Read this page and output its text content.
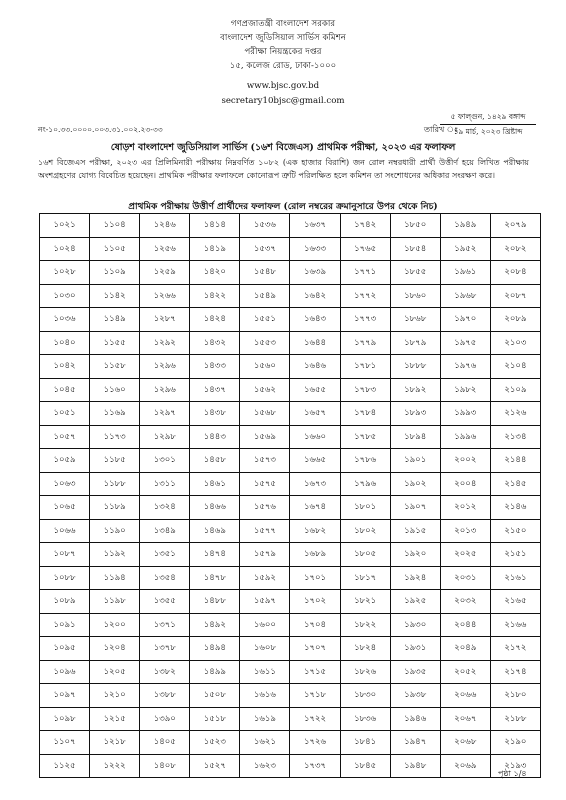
গণপ্রজাতন্ত্রী বাংলাদেশ সরকার
বাংলাদেশ জুডিসিয়াল সার্ভিস কমিশন
পরীক্ষা নিয়ন্ত্রকের দপ্তর
১৫, কলেজ রোড, ঢাকা-১০০০
www.bjsc.gov.bd
secretary10bjsc@gmail.com
নং-১০.৩৩.০০০০.০০৩.৩১.০০২.২৩-৩৩	তারিখ ঃ
৫ ফাল্গুন, ১৪২৯ বঙ্গাব্দ
১৯ মার্চ, ২০২৩ খ্রিষ্টাব্দ
ষোড়শ বাংলাদেশ জুডিসিয়াল সার্ভিস (১৬শ বিজেএস) প্রাথমিক পরীক্ষা, ২০২৩ এর ফলাফল
১৬শ বিজেএস পরীক্ষা, ২০২৩ এর প্রিলিমিনারী পরীক্ষায় নিম্নবর্ণিত ১০৮২ (এক হাজার বিরাশি) জন রোল নম্বরধারী প্রার্থী উত্তীর্ণ হয়ে লিখিত পরীক্ষায় অংশগ্রহণের যোগ্য বিবেচিত হয়েছেন। প্রাথমিক পরীক্ষার ফলাফলে কোনোরূপ ত্রুটি পরিলক্ষিত হলে কমিশন তা সংশোধনের অধিকার সংরক্ষণ করে।
প্রাথমিক পরীক্ষায় উত্তীর্ণ প্রার্থীদের ফলাফল (রোল নম্বরের ক্রমানুসারে উপর থেকে নিচ)
১০২১	১১০৪	১২৪৬	১৪১৪	১৫৩৬	১৬৩৭	১৭৪২	১৮৫০	১৯৪৯	২০৭৯
১০২৪	১১০৫	১২৫৬	১৪১৯	১৫৩৭	১৬৩৩	১৭৬৫	১৮৫৪	১৯৫২	২০৮২
১০২৮	১১০৯	১২৫৯	১৪২০	১৫৪৮	১৬৩৯	১৭৭১	১৮৫৫	১৯৬১	২০৮৪
১০৩০	১১৪২	১২৬৬	১৪২২	১৫৪৯	১৬৪২	১৭৭২	১৮৬০	১৯৬৮	২০৮৭
১০৩৬	১১৪৯	১২৮৭	১৪২৪	১৫৫১	১৬৪৩	১৭৭৩	১৮৬৮	১৯৭০	২০৮৯
১০৪০	১১৫৫	১২৯২	১৪৩২	১৫৫৩	১৬৪৪	১৭৭৯	১৮৭৯	১৯৭৫	২১০৩
১০৪২	১১৫৮	১২৯৬	১৪৩৩	১৫৬০	১৬৪৬	১৭৮১	১৮৮৮	১৯৭৬	২১০৪
১০৪৫	১১৬০	১২৯৬	১৪৩৭	১৫৬২	১৬৫৫	১৭৮৩	১৮৯২	১৯৮২	২১০৯
১০৫১	১১৬৯	১২৯৭	১৪৩৮	১৫৬৮	১৬৫৭	১৭৮৪	১৮৯৩	১৯৯৩	২১২৬
১০৫৭	১১৭৩	১২৯৮	১৪৪৩	১৫৬৯	১৬৬০	১৭৮৫	১৮৯৪	১৯৯৬	২১৩৪
১০৫৯	১১৮৫	১৩০১	১৪৫৮	১৫৭৩	১৬৬৫	১৭৮৬	১৯০১	২০০২	২১৪৪
১০৬৩	১১৮৮	১৩১১	১৪৬১	১৫৭৫	১৬৭৩	১৭৯৬	১৯০২	২০০৪	২১৪৫
১০৬৫	১১৮৯	১৩২৪	১৪৬৬	১৫৭৬	১৬৭৪	১৮০১	১৯০৭	২০১২	২১৪৬
১০৬৬	১১৯০	১৩৪৯	১৪৬৯	১৫৭৭	১৬৮২	১৮০২	১৯১৫	২০১৩	২১৫০
১০৮৭	১১৯২	১৩৫১	১৪৭৪	১৫৭৯	১৬৮৯	১৮০৫	১৯২০	২০২৫	২১৫১
১০৮৮	১১৯৪	১৩৫৪	১৪৭৮	১৫৯২	১৭০১	১৮১৭	১৯২৪	২০৩১	২১৬১
১০৮৯	১১৯৮	১৩৫৫	১৪৮৮	১৫৯৭	১৭০২	১৮২১	১৯২৫	২০৩২	২১৬৫
১০৯১	১২০০	১৩৭১	১৪৯২	১৬০০	১৭০৪	১৮২২	১৯৩০	২০৪৪	২১৬৬
১০৯৫	১২০৪	১৩৭৮	১৪৯৪	১৬০৮	১৭০৭	১৮২৪	১৯৩১	২০৪৯	২১৭২
১০৯৬	১২০৫	১৩৮২	১৪৯৯	১৬১১	১৭১৫	১৮২৬	১৯৩৫	২০৫২	২১৭৪
১০৯৭	১২১০	১৩৮৮	১৫০৮	১৬১৬	১৭১৮	১৮৩০	১৯৩৮	২০৬৬	২১৮০
১০৯৮	১২১৫	১৩৯০	১৫১৮	১৬১৯	১৭২২	১৮৩৬	১৯৪৬	২০৬৭	২১৮৮
১১০৭	১২১৮	১৪০৫	১৫২৩	১৬২১	১৭২৬	১৮৪১	১৯৪৭	২০৬৮	২১৯০
১১২৫	১২২২	১৪০৮	১৫২৭	১৬২৩	১৭৩৭	১৮৪৫	১৯৪৮	২০৬৯	২১৯৩
পৃষ্ঠা ১/৪
